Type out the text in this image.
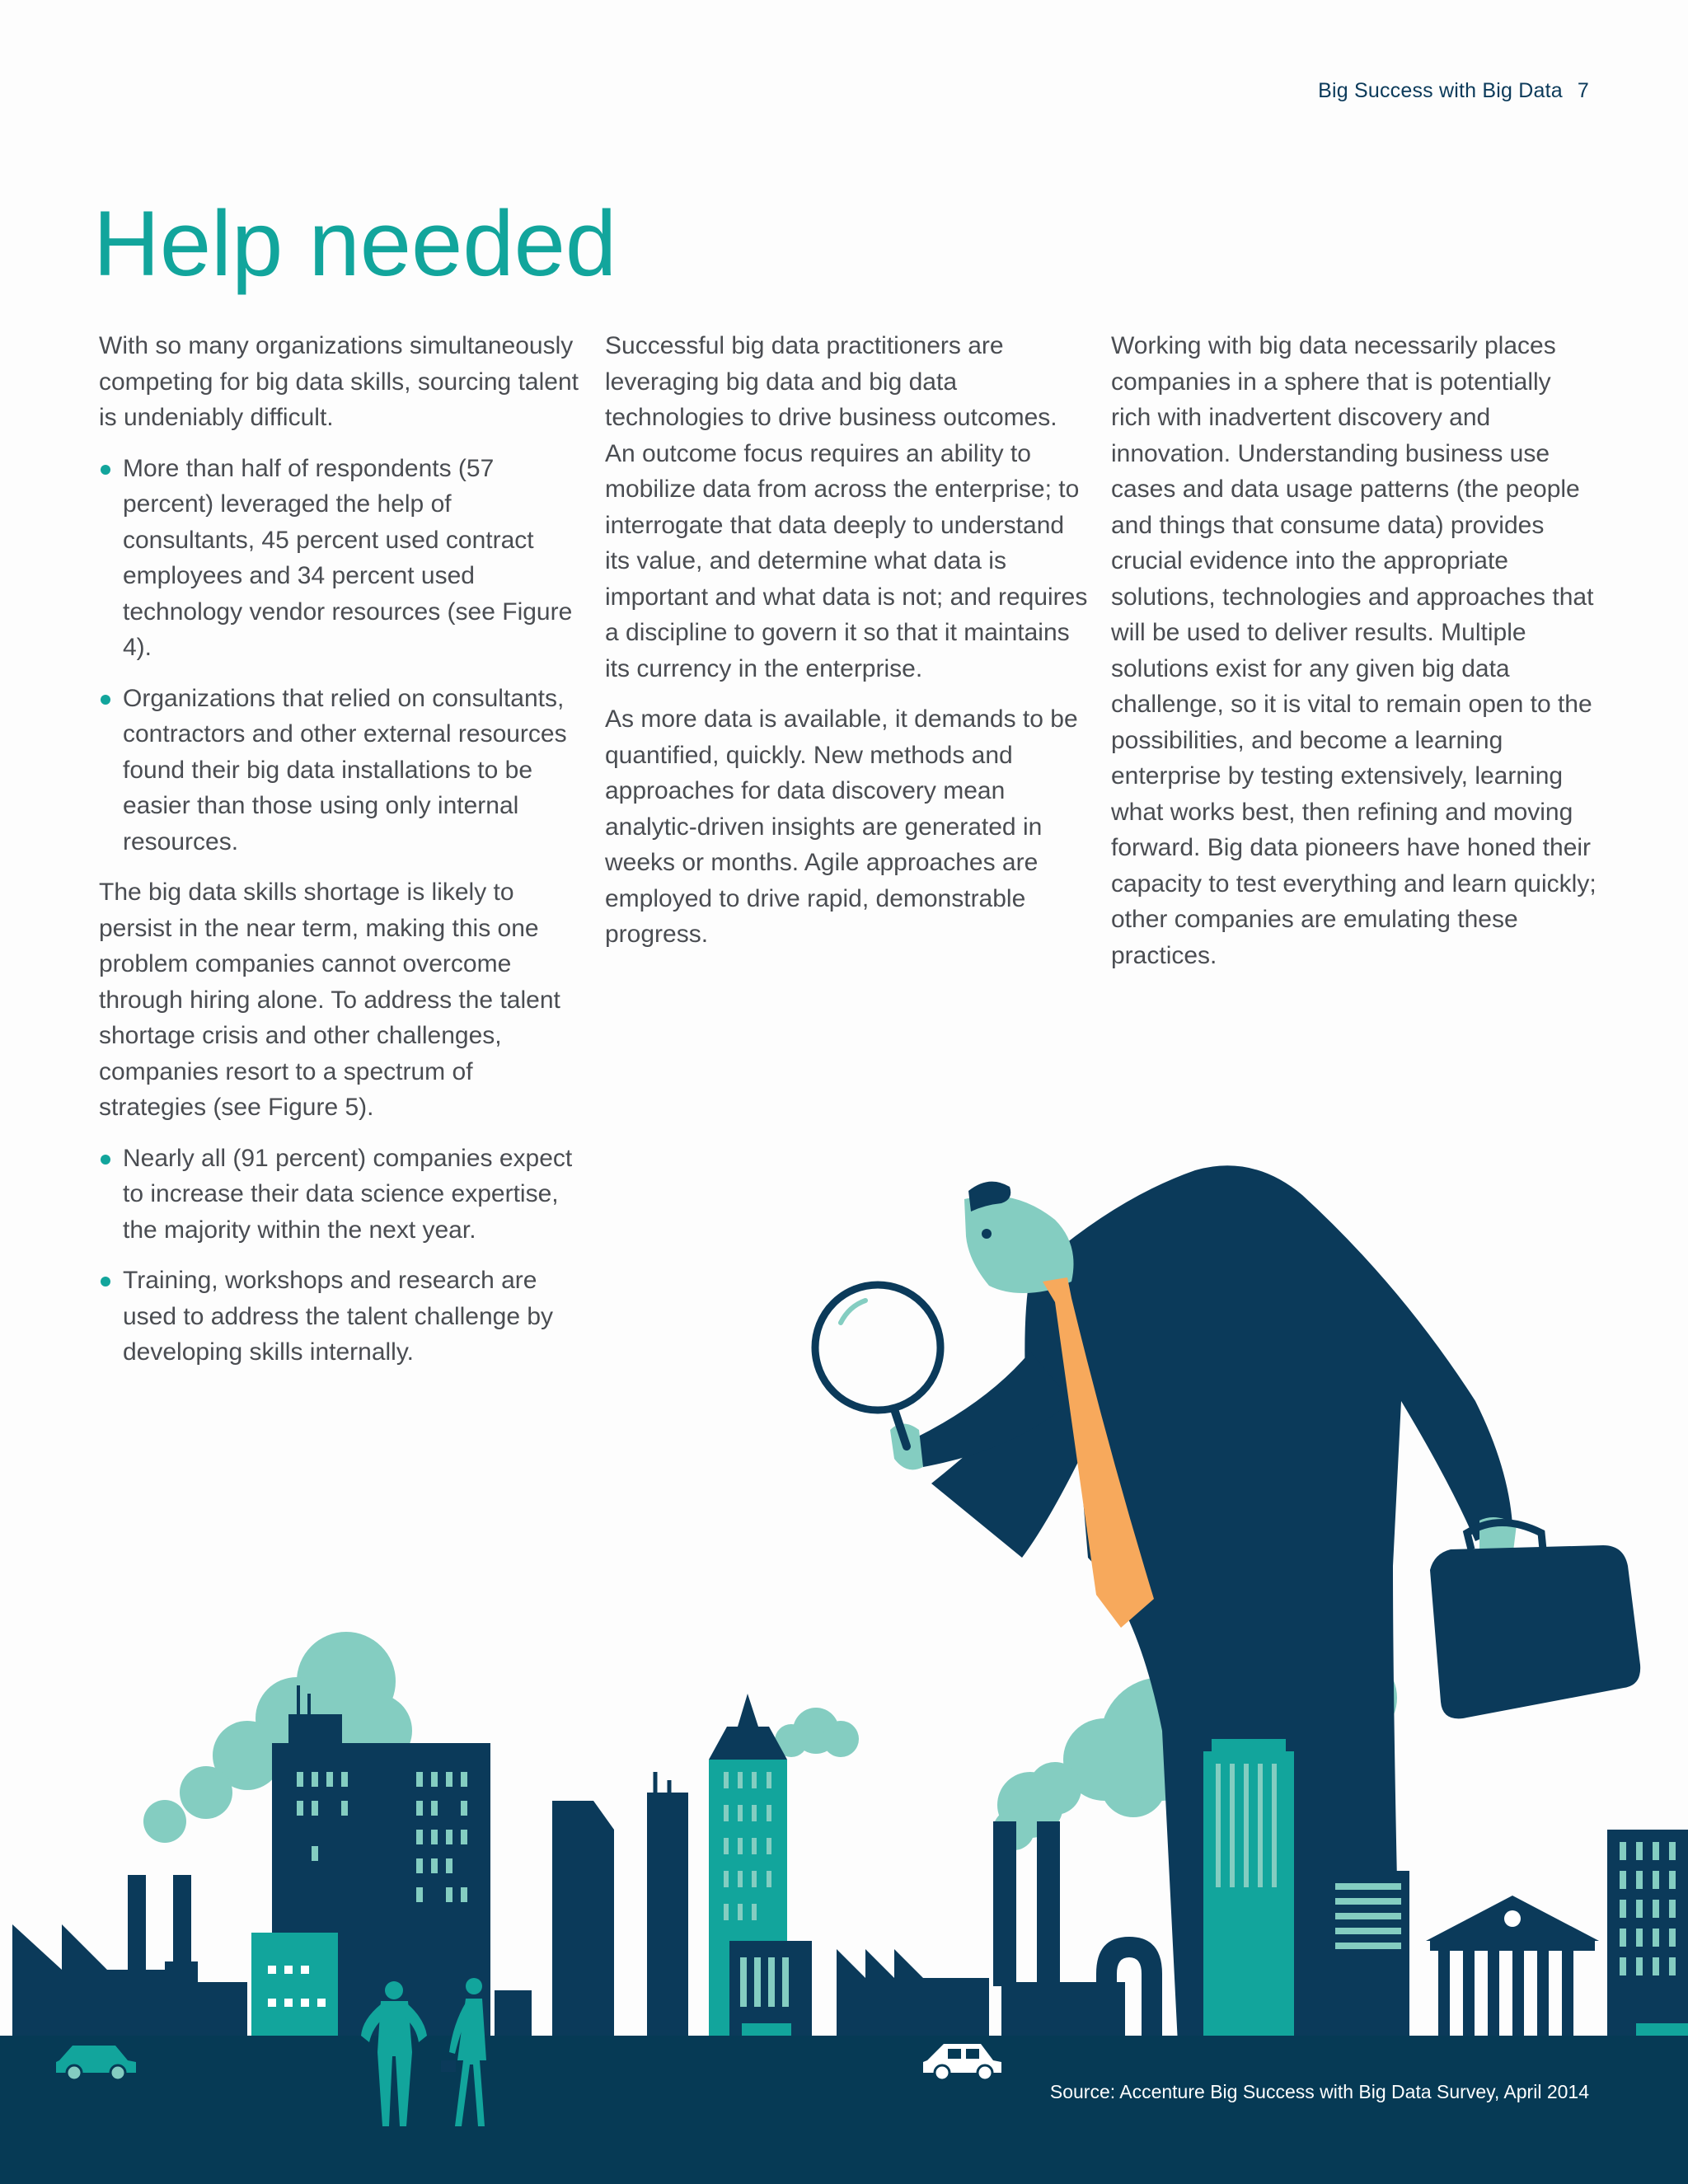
Big Success with Big Data 7
Help needed

With so many organizations simultaneously competing for big data skills, sourcing talent is undeniably difficult.

More than half of respondents (57 percent) leveraged the help of consultants, 45 percent used contract employees and 34 percent used technology vendor resources (see Figure 4).
Organizations that relied on consultants, contractors and other external resources found their big data installations to be easier than those using only internal resources.

The big data skills shortage is likely to persist in the near term, making this one problem companies cannot overcome through hiring alone. To address the talent shortage crisis and other challenges, companies resort to a spectrum of strategies (see Figure 5).

Nearly all (91 percent) companies expect to increase their data science expertise, the majority within the next year.
Training, workshops and research are used to address the talent challenge by developing skills internally.

Successful big data practitioners are leveraging big data and big data technologies to drive business outcomes. An outcome focus requires an ability to mobilize data from across the enterprise; to interrogate that data deeply to understand its value, and determine what data is important and what data is not; and requires a discipline to govern it so that it maintains its currency in the enterprise.

As more data is available, it demands to be quantified, quickly. New methods and approaches for data discovery mean analytic-driven insights are generated in weeks or months. Agile approaches are employed to drive rapid, demonstrable progress.

Working with big data necessarily places companies in a sphere that is potentially rich with inadvertent discovery and innovation. Understanding business use cases and data usage patterns (the people and things that consume data) provides crucial evidence into the appropriate solutions, technologies and approaches that will be used to deliver results. Multiple solutions exist for any given big data challenge, so it is vital to remain open to the possibilities, and become a learning enterprise by testing extensively, learning what works best, then refining and moving forward. Big data pioneers have honed their capacity to test everything and learn quickly; other companies are emulating these practices.

Source: Accenture Big Success with Big Data Survey, April 2014
